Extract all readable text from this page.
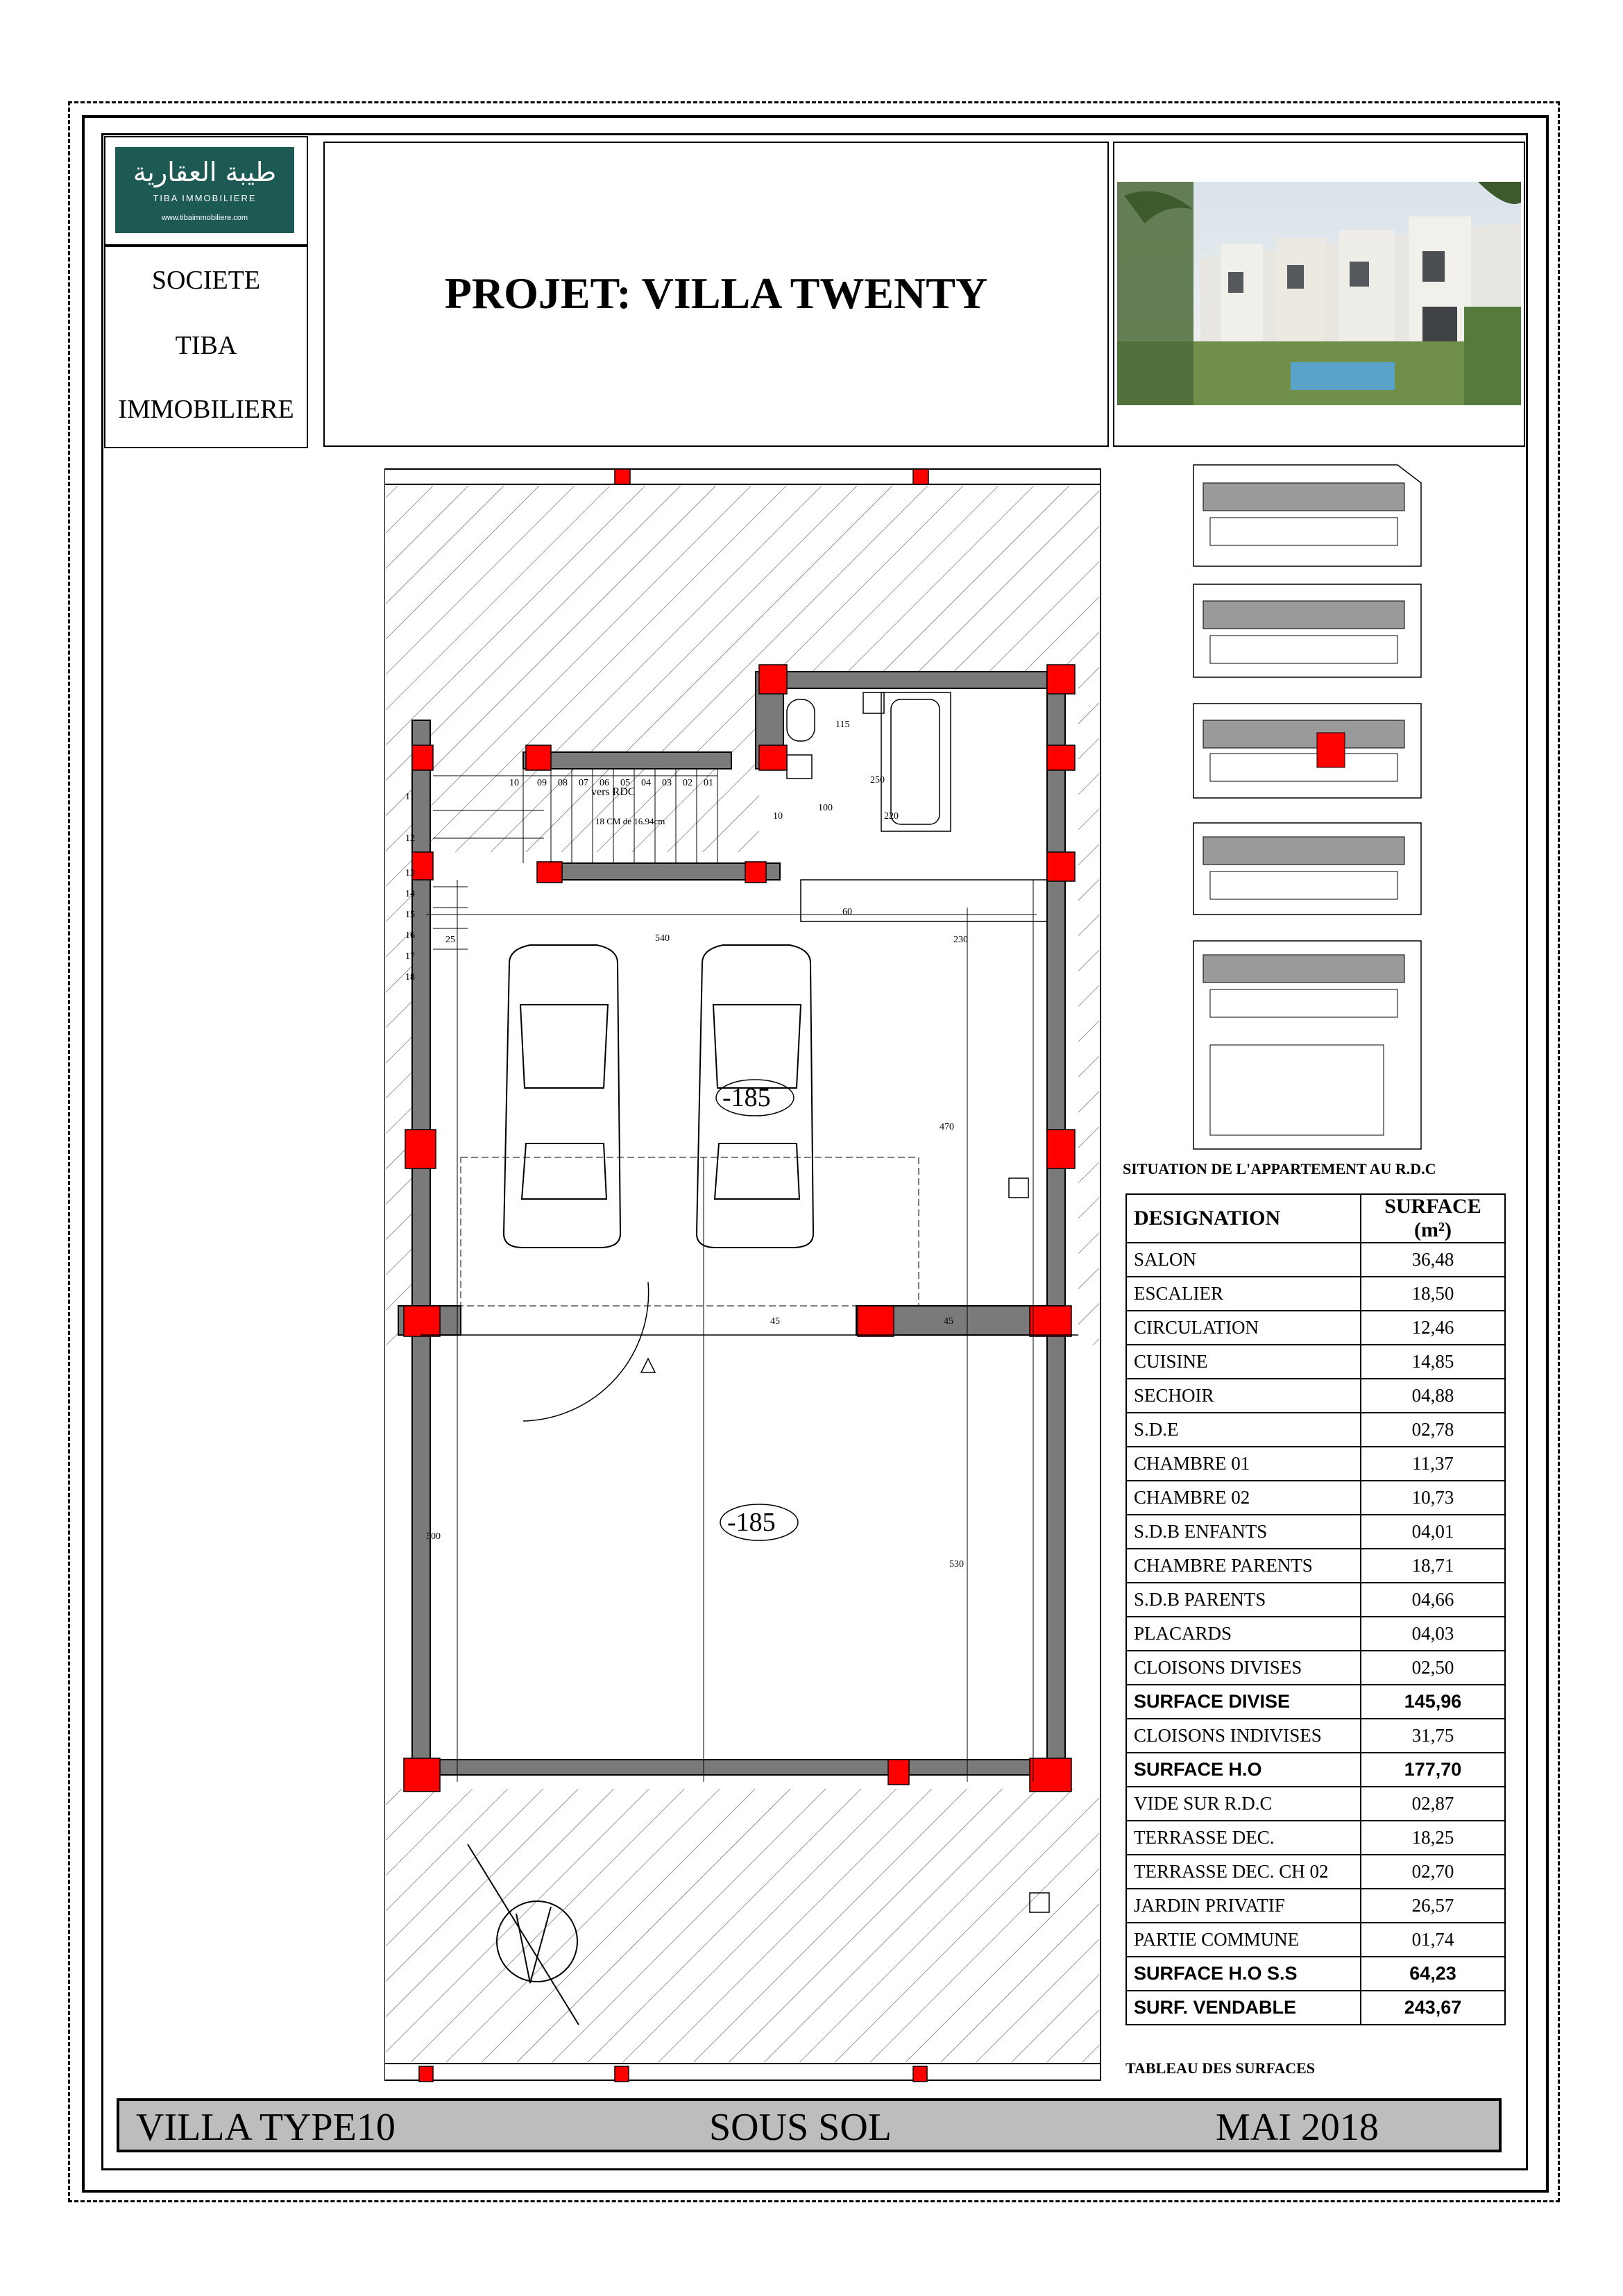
طيبة العقارية
TIBA IMMOBILIERE
www.tibaimmobiliere.com
SOCIETE
TIBA
IMMOBILIERE
PROJET: VILLA TWENTY
10 09 08 07 06 05 04 03 02 01
11
12
13
14
15
16
17
18
540
470
230
250
220
100
115
60
10
45	45
500
530
25
vers RDC
18 CM de 16.94cm
-185
-185
SITUATION DE L'APPARTEMENT AU R.D.C
DESIGNATION	SURFACE (m²)
SALON	36,48
ESCALIER	18,50
CIRCULATION	12,46
CUISINE	14,85
SECHOIR	04,88
S.D.E	02,78
CHAMBRE 01	11,37
CHAMBRE 02	10,73
S.D.B ENFANTS	04,01
CHAMBRE PARENTS	18,71
S.D.B PARENTS	04,66
PLACARDS	04,03
CLOISONS DIVISES	02,50
SURFACE DIVISE	145,96
CLOISONS INDIVISES	31,75
SURFACE H.O	177,70
VIDE SUR R.D.C	02,87
TERRASSE DEC.	18,25
TERRASSE DEC. CH 02	02,70
JARDIN PRIVATIF	26,57
PARTIE COMMUNE	01,74
SURFACE H.O S.S	64,23
SURF. VENDABLE	243,67
TABLEAU DES SURFACES
VILLA TYPE10	SOUS SOL	MAI 2018
